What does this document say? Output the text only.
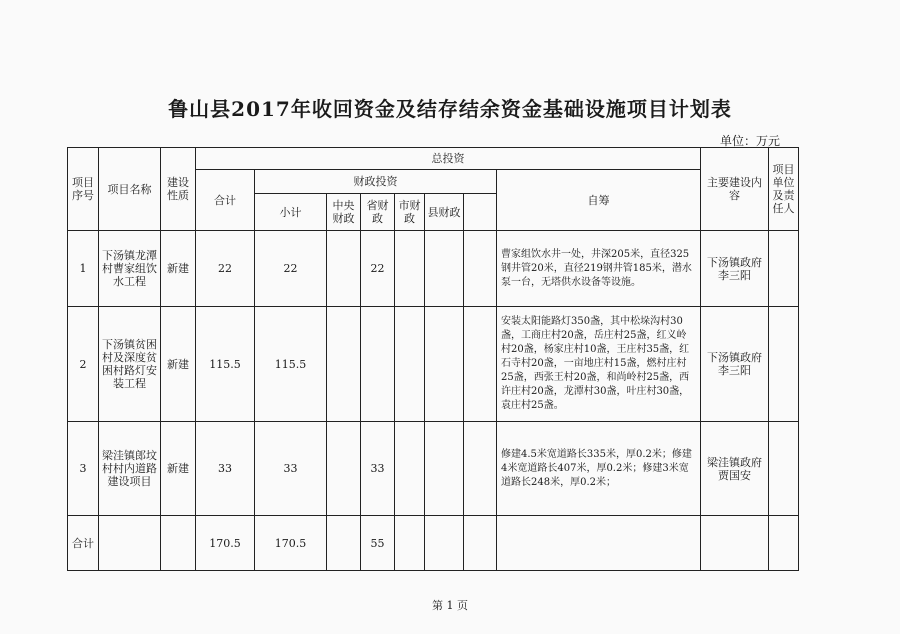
鲁山县2017年收回资金及结存结余资金基础设施项目计划表
单位：万元
项目序号	项目名称	建设性质	总投资								主要建设内容	项目单位及责任人	
			合计	财政投资						自筹			
				小计	中央财政	省财政	市财政	县财政					
1	下汤镇龙潭村曹家组饮水工程	新建	22	22		22				曹家组饮水井一处，井深205米，直径325钢井管20米，直径219钢井管185米，潜水泵一台，无塔供水设备等设施。	下汤镇政府李三阳		
2	下汤镇贫困村及深度贫困村路灯安装工程	新建	115.5	115.5						安装太阳能路灯350盏，其中松垛沟村30盏，工商庄村20盏，岳庄村25盏，红义岭村20盏，杨家庄村10盏，王庄村35盏，红石寺村20盏，一亩地庄村15盏，燃村庄村25盏，西张王村20盏，和尚岭村25盏，西许庄村20盏，龙潭村30盏，叶庄村30盏，袁庄村25盏。	下汤镇政府李三阳		
3	梁洼镇郎坟村村内道路建设项目	新建	33	33		33				修建4.5米宽道路长335米，厚0.2米；修建4米宽道路长407米，厚0.2米；修建3米宽道路长248米，厚0.2米；	梁洼镇政府贾国安		
合计			170.5	170.5		55							
第 1 页
